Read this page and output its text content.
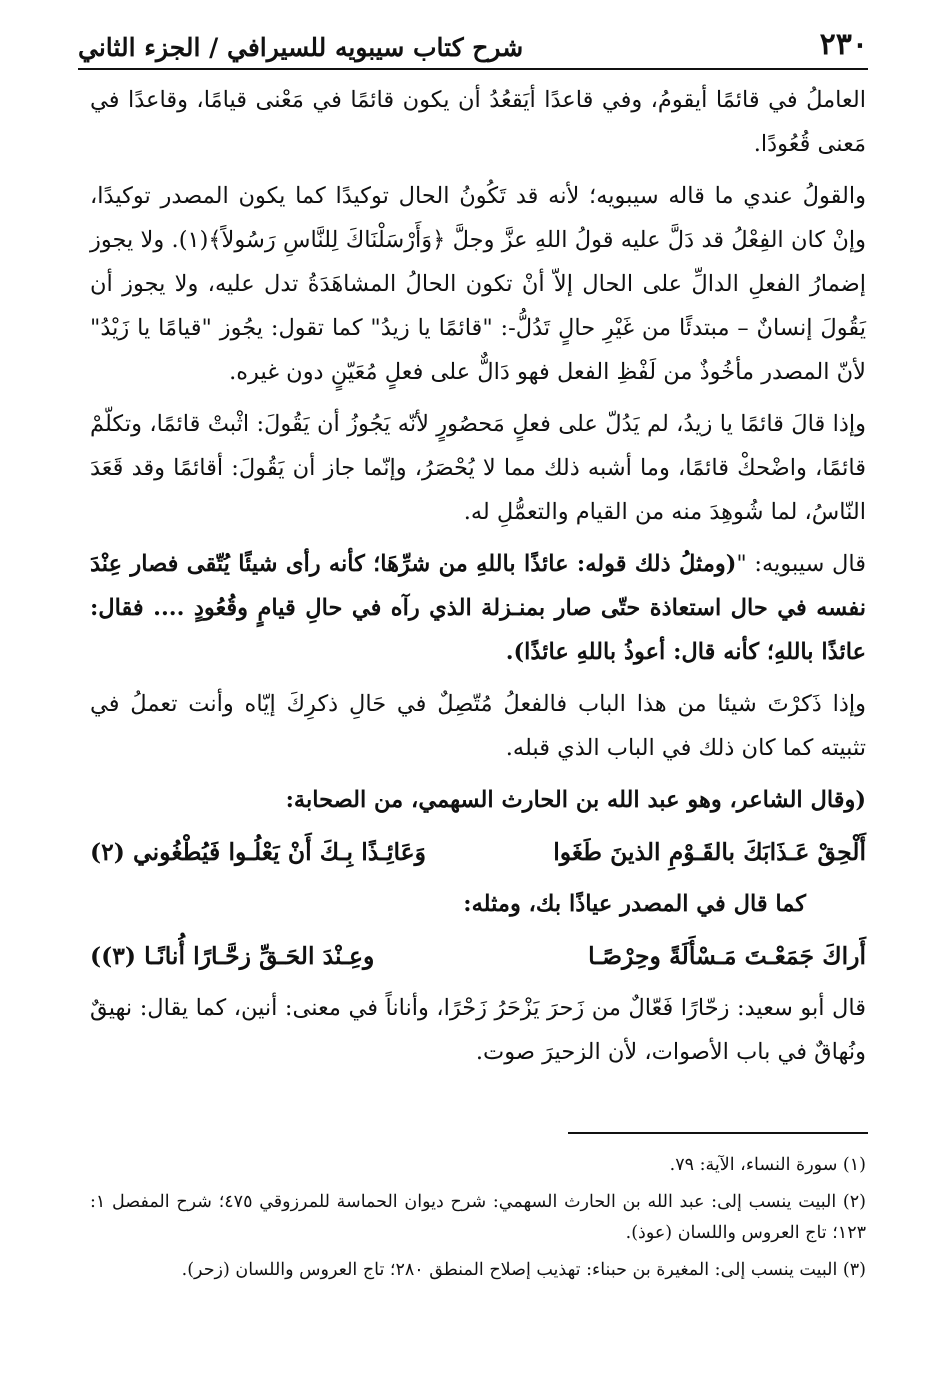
٢٣٠
شرح كتاب سيبويه للسيرافي / الجزء الثاني

العاملُ في قائمًا أيقومُ، وفي قاعدًا أيَقعُدُ أن يكون قائمًا في مَعْنى قيامًا، وقاعدًا في مَعنى قُعُودًا.

والقولُ عندي ما قاله سيبويه؛ لأنه قد تَكُونُ الحال توكيدًا كما يكون المصدر توكيدًا، وإنْ كان الفِعْلُ قد دَلَّ عليه قولُ اللهِ عزَّ وجلَّ ﴿وَأَرْسَلْنَاكَ لِلنَّاسِ رَسُولاً﴾(١). ولا يجوز إضمارُ الفعلِ الدالِّ على الحال إلاّ أنْ تكون الحالُ المشاهَدَةُ تدل عليه، ولا يجوز أن يَقُولَ إنسانٌ – مبتدئًا من غَيْرِ حالٍ تَدُلُّ-: "قائمًا يا زيدُ" كما تقول: يجُوز "قيامًا يا زَيْدُ" لأنّ المصدر مأخُوذٌ من لَفْظِ الفعل فهو دَالٌّ على فعلٍ مُعَيّنٍ دون غيره.

وإذا قالَ قائمًا يا زيدُ، لم يَدُلّ على فعلٍ مَحصُورٍ لأنّه يَجُوزُ أن يَقُولَ: اثْبتْ قائمًا، وتكلّمْ قائمًا، واضْحكْ قائمًا، وما أشبه ذلك مما لا يُحْصَرُ، وإنّما جاز أن يَقُولَ: أقائمًا وقد قَعَدَ النّاسُ، لما شُوهِدَ منه من القيام والتعمُّلِ له.

قال سيبويه: "(ومثلُ ذلك قوله: عائذًا باللهِ من شرِّهَا؛ كأنه رأى شيئًا يُتّقى فصار عِنْدَ نفسه في حال استعاذة حتّى صار بمنـزلة الذي رآه في حالِ قيامٍ وقُعُودٍ .... فقال: عائذًا باللهِ؛ كأنه قال: أعوذُ باللهِ عائذًا).

وإذا ذَكرْتَ شيئا من هذا الباب فالفعلُ مُتّصِلٌ في حَالِ ذكرِكَ إيّاه وأنت تعملُ في تثبيته كما كان ذلك في الباب الذي قبله.

(وقال الشاعر، وهو عبد الله بن الحارث السهمي، من الصحابة:

أَلْحِقْ عَـذَابَكَ بالقَـوْمِ الذينَ طَغَوا
وَعَائِـذًا بِـكَ أَنْ يَعْلُـوا فَيُطْغُوني (٢)

كما قال في المصدر عياذًا بك، ومثله:

أَراكَ جَمَعْـتَ مَـسْأَلَةً وحِرْصًـا
وعِـنْدَ الحَـقِّ زحَّـارًا أُنانًـا (٣))

قال أبو سعيد: زحّارًا فَعّالٌ من زَحرَ يَزْحَرُ زَحْرًا، وأناناً في معنى: أنين، كما يقال: نهيقٌ ونُهاقٌ في باب الأصوات، لأن الزحيرَ صوت.

(١) سورة النساء، الآية: ٧٩.

(٢) البيت ينسب إلى: عبد الله بن الحارث السهمي: شرح ديوان الحماسة للمرزوقي ٤٧٥؛ شرح المفصل ١: ١٢٣؛ تاج العروس واللسان (عوذ).

(٣) البيت ينسب إلى: المغيرة بن حبناء: تهذيب إصلاح المنطق ٢٨٠؛ تاج العروس واللسان (زحر).
